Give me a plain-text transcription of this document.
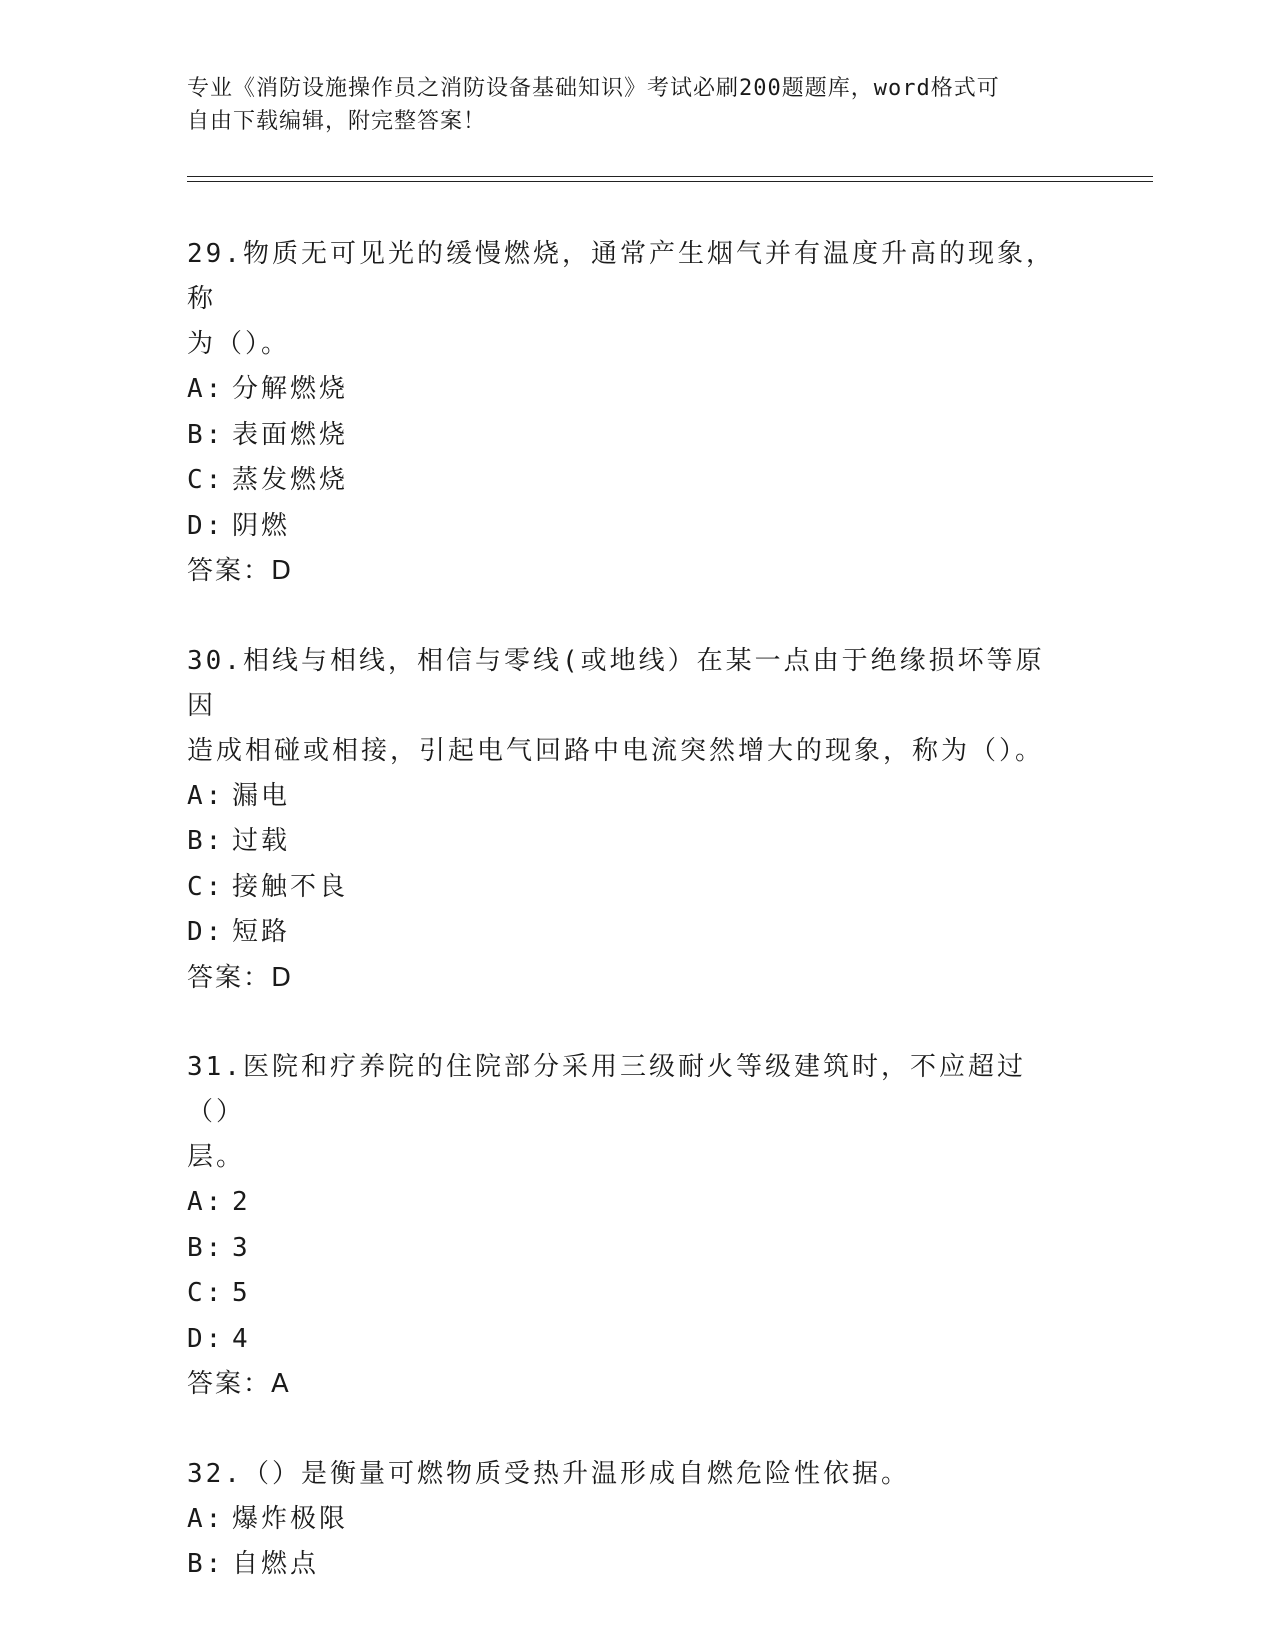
专业《消防设施操作员之消防设备基础知识》考试必刷200题题库，word格式可
自由下载编辑，附完整答案！

29.物质无可见光的缓慢燃烧，通常产生烟气并有温度升高的现象，称
为（）。

A: 分解燃烧
B: 表面燃烧
C: 蒸发燃烧
D: 阴燃
答案：D

30.相线与相线，相信与零线(或地线）在某一点由于绝缘损坏等原因
造成相碰或相接，引起电气回路中电流突然增大的现象，称为（）。

A: 漏电
B: 过载
C: 接触不良
D: 短路
答案：D

31.医院和疗养院的住院部分采用三级耐火等级建筑时，不应超过（）
层。

A: 2
B: 3
C: 5
D: 4
答案：A

32.（）是衡量可燃物质受热升温形成自燃危险性依据。

A: 爆炸极限
B: 自燃点
